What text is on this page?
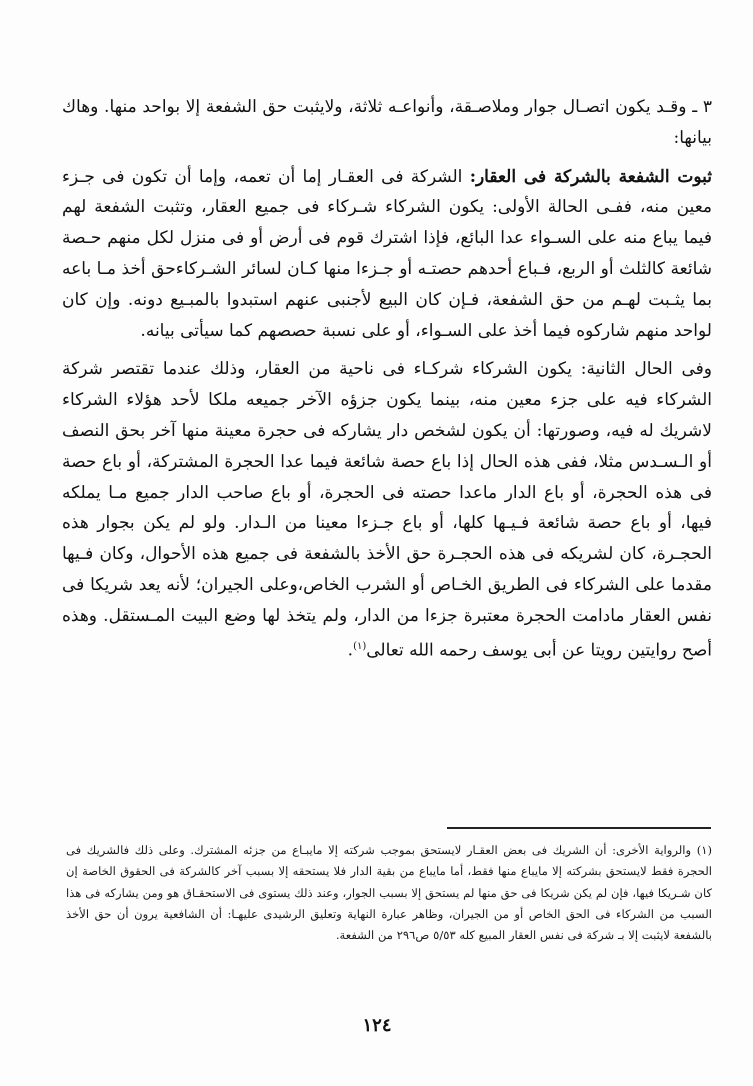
٣ ـ وقـد يكون اتصـال جوار وملاصـقة، وأنواعـه ثلاثة، ولايثبت حق الشفعة إلا بواحد منها. وهاك بيانها:

ثبوت الشفعة بالشركة فى العقار: الشركة فى العقـار إما أن تعمه، وإما أن تكون فى جـزء معين منه، ففـى الحالة الأولى: يكون الشركاء شـركاء فى جميع العقار، وتثبت الشفعة لهم فيما يباع منه على السـواء عدا البائع، فإذا اشترك قوم فى أرض أو فى منزل لكل منهم حـصة شائعة كالثلث أو الربع، فـباع أحدهم حصتـه أو جـزءا منها كـان لسائر الشـركاءحق أخذ مـا باعه بما يثـبت لهـم من حق الشفعة، فـإن كان البيع لأجنبى عنهم استبدوا بالمبـيع دونه. وإن كان لواحد منهم شاركوه فيما أخذ على السـواء، أو على نسبة حصصهم كما سيأتى بيانه.

وفى الحال الثانية: يكون الشركاء شركـاء فى ناحية من العقار، وذلك عندما تقتصر شركة الشركاء فيه على جزء معين منه، بينما يكون جزؤه الآخر جميعه ملكا لأحد هؤلاء الشركاء لاشريك له فيه، وصورتها: أن يكون لشخص دار يشاركه فى حجرة معينة منها آخر بحق النصف أو الـسـدس مثلا، ففى هذه الحال إذا باع حصة شائعة فيما عدا الحجرة المشتركة، أو باع حصة فى هذه الحجرة، أو باع الدار ماعدا حصته فى الحجرة، أو باع صاحب الدار جميع مـا يملكه فيها، أو باع حصة شائعة فـيـها كلها، أو باع جـزءا معينا من الـدار. ولو لم يكن بجوار هذه الحجـرة، كان لشريكه فى هذه الحجـرة حق الأخذ بالشفعة فى جميع هذه الأحوال، وكان فـيها مقدما على الشركاء فى الطريق الخـاص أو الشرب الخاص،وعلى الجيران؛ لأنه يعد شريكا فى نفس العقار مادامت الحجرة معتبرة جزءا من الدار، ولم يتخذ لها وضع البيت المـستقل. وهذه أصح روايتين رويتا عن أبى يوسف رحمه الله تعالى$^{(١)}$.

(١) والرواية الأخرى: أن الشريك فى بعض العقـار لايستحق بموجب شركته إلا مايبـاع من جزئه المشترك. وعلى ذلك فالشريك فى الحجرة فقط لايستحق بشركته إلا مايباع منها فقط، أما مايباع من بقية الدار فلا يستحقه إلا بسبب آخر كالشركة فى الحقوق الخاصة إن كان شـريكا فيها، فإن لم يكن شريكا فى حق منها لم يستحق إلا بسبب الجوار، وعند ذلك يستوى فى الاستحقـاق هو ومن يشاركه فى هذا السبب من الشركاء فى الحق الخاص أو من الجيران، وظاهر عبارة النهاية وتعليق الرشيدى عليهـا: أن الشافعية يرون أن حق الأخذ بالشفعة لايثبت إلا بـ شركة فى نفس العقار المبيع كله ٥/٥٣ ص٢٩٦ من الشفعة.

١٢٤
